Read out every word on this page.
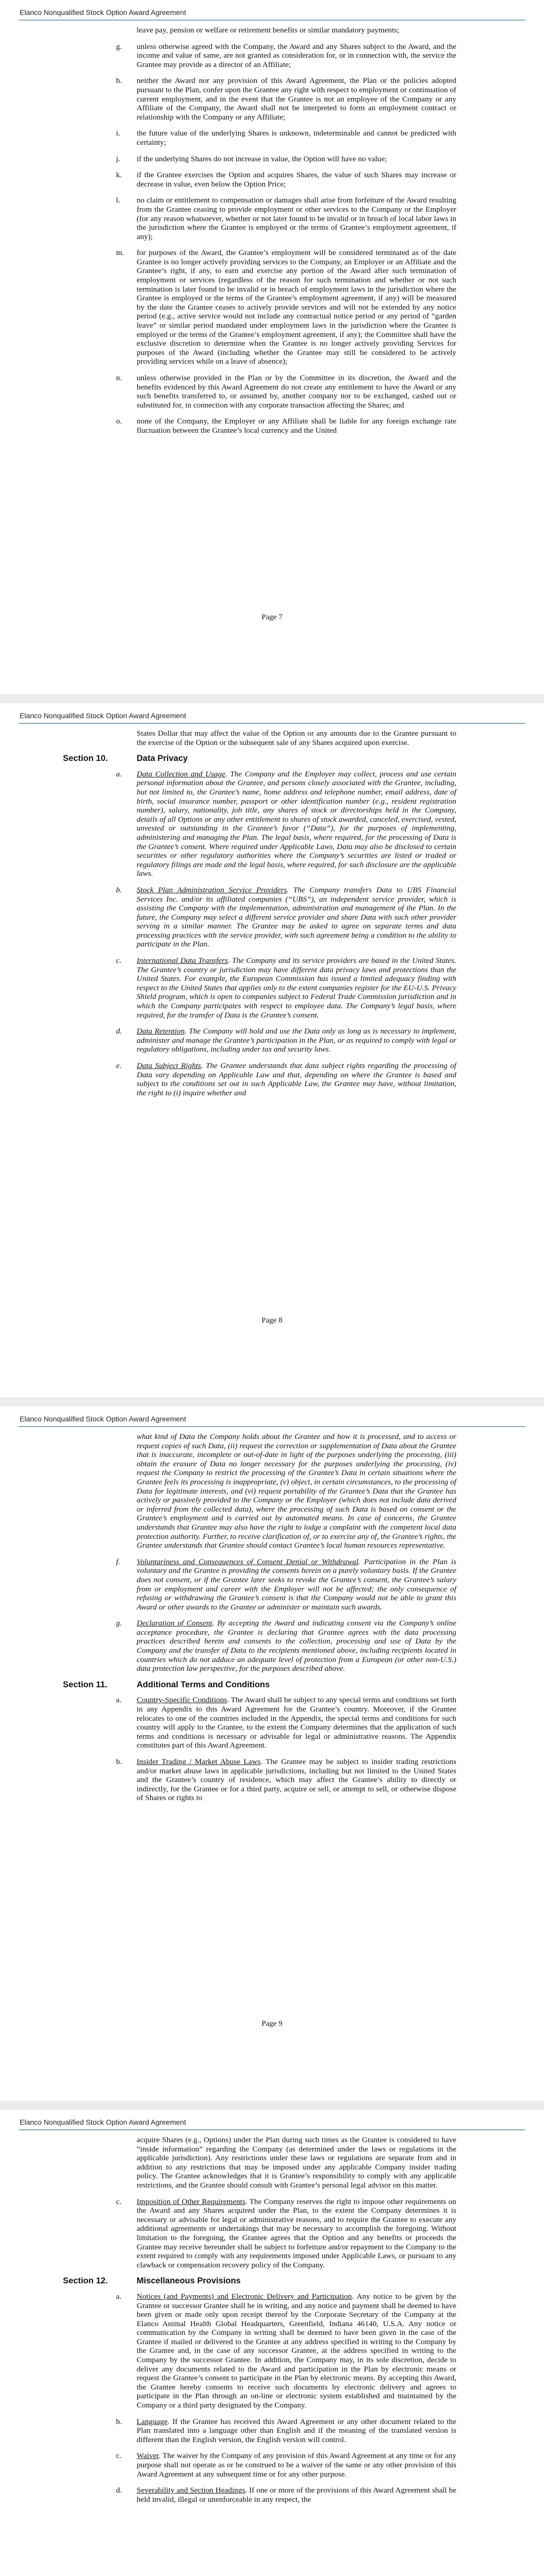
Elanco Nonqualified Stock Option Award Agreement

leave pay, pension or welfare or retirement benefits or similar mandatory payments;

g. unless otherwise agreed with the Company, the Award and any Shares subject to the Award, and the income and value of same, are not granted as consideration for, or in connection with, the service the Grantee may provide as a director of an Affiliate;

h. neither the Award nor any provision of this Award Agreement, the Plan or the policies adopted pursuant to the Plan, confer upon the Grantee any right with respect to employment or continuation of current employment, and in the event that the Grantee is not an employee of the Company or any Affiliate of the Company, the Award shall not be interpreted to form an employment contract or relationship with the Company or any Affiliate;

i. the future value of the underlying Shares is unknown, indeterminable and cannot be predicted with certainty;

j. if the underlying Shares do not increase in value, the Option will have no value;

k. if the Grantee exercises the Option and acquires Shares, the value of such Shares may increase or decrease in value, even below the Option Price;

l. no claim or entitlement to compensation or damages shall arise from forfeiture of the Award resulting from the Grantee ceasing to provide employment or other services to the Company or the Employer (for any reason whatsoever, whether or not later found to be invalid or in breach of local labor laws in the jurisdiction where the Grantee is employed or the terms of Grantee’s employment agreement, if any);

m. for purposes of the Award, the Grantee’s employment will be considered terminated as of the date Grantee is no longer actively providing services to the Company, an Employer or an Affiliate and the Grantee’s right, if any, to earn and exercise any portion of the Award after such termination of employment or services (regardless of the reason for such termination and whether or not such termination is later found to be invalid or in breach of employment laws in the jurisdiction where the Grantee is employed or the terms of the Grantee’s employment agreement, if any) will be measured by the date the Grantee ceases to actively provide services and will not be extended by any notice period (e.g., active service would not include any contractual notice period or any period of “garden leave” or similar period mandated under employment laws in the jurisdiction where the Grantee is employed or the terms of the Grantee’s employment agreement, if any); the Committee shall have the exclusive discretion to determine when the Grantee is no longer actively providing Services for purposes of the Award (including whether the Grantee may still be considered to be actively providing services while on a leave of absence);

n. unless otherwise provided in the Plan or by the Committee in its discretion, the Award and the benefits evidenced by this Award Agreement do not create any entitlement to have the Award or any such benefits transferred to, or assumed by, another company nor to be exchanged, cashed out or substituted for, in connection with any corporate transaction affecting the Shares; and

o. none of the Company, the Employer or any Affiliate shall be liable for any foreign exchange rate fluctuation between the Grantee’s local currency and the United

Page 7
Elanco Nonqualified Stock Option Award Agreement

States Dollar that may affect the value of the Option or any amounts due to the Grantee pursuant to the exercise of the Option or the subsequent sale of any Shares acquired upon exercise.

Section 10.	Data Privacy

a. Data Collection and Usage. The Company and the Employer may collect, process and use certain personal information about the Grantee, and persons closely associated with the Grantee, including, but not limited to, the Grantee’s name, home address and telephone number, email address, date of birth, social insurance number, passport or other identification number (e.g., resident registration number), salary, nationality, job title, any shares of stock or directorships held in the Company, details of all Options or any other entitlement to shares of stock awarded, canceled, exercised, vested, unvested or outstanding in the Grantee’s favor (“Data”), for the purposes of implementing, administering and managing the Plan. The legal basis, where required, for the processing of Data is the Grantee’s consent. Where required under Applicable Laws, Data may also be disclosed to certain securities or other regulatory authorities where the Company’s securities are listed or traded or regulatory filings are made and the legal basis, where required, for such disclosure are the applicable laws.

b. Stock Plan Administration Service Providers. The Company transfers Data to UBS Financial Services Inc. and/or its affiliated companies (“UBS”), an independent service provider, which is assisting the Company with the implementation, administration and management of the Plan. In the future, the Company may select a different service provider and share Data with such other provider serving in a similar manner. The Grantee may be asked to agree on separate terms and data processing practices with the service provider, with such agreement being a condition to the ability to participate in the Plan.

c. International Data Transfers. The Company and its service providers are based in the United States. The Grantee’s country or jurisdiction may have different data privacy laws and protections than the United States. For example, the European Commission has issued a limited adequacy finding with respect to the United States that applies only to the extent companies register for the EU-U.S. Privacy Shield program, which is open to companies subject to Federal Trade Commission jurisdiction and in which the Company participates with respect to employee data. The Company’s legal basis, where required, for the transfer of Data is the Grantee’s consent.

d. Data Retention. The Company will hold and use the Data only as long as is necessary to implement, administer and manage the Grantee’s participation in the Plan, or as required to comply with legal or regulatory obligations, including under tax and security laws.

e. Data Subject Rights. The Grantee understands that data subject rights regarding the processing of Data vary depending on Applicable Law and that, depending on where the Grantee is based and subject to the conditions set out in such Applicable Law, the Grantee may have, without limitation, the right to (i) inquire whether and

Page 8
Elanco Nonqualified Stock Option Award Agreement

what kind of Data the Company holds about the Grantee and how it is processed, and to access or request copies of such Data, (ii) request the correction or supplementation of Data about the Grantee that is inaccurate, incomplete or out-of-date in light of the purposes underlying the processing, (iii) obtain the erasure of Data no longer necessary for the purposes underlying the processing, (iv) request the Company to restrict the processing of the Grantee’s Data in certain situations where the Grantee feels its processing is inappropriate, (v) object, in certain circumstances, to the processing of Data for legitimate interests, and (vi) request portability of the Grantee’s Data that the Grantee has actively or passively provided to the Company or the Employer (which does not include data derived or inferred from the collected data), where the processing of such Data is based on consent or the Grantee’s employment and is carried out by automated means. In case of concerns, the Grantee understands that Grantee may also have the right to lodge a complaint with the competent local data protection authority. Further, to receive clarification of, or to exercise any of, the Grantee’s rights, the Grantee understands that Grantee should contact Grantee’s local human resources representative.

f. Voluntariness and Consequences of Consent Denial or Withdrawal. Participation in the Plan is voluntary and the Grantee is providing the consents herein on a purely voluntary basis. If the Grantee does not consent, or if the Grantee later seeks to revoke the Grantee’s consent, the Grantee’s salary from or employment and career with the Employer will not be affected; the only consequence of refusing or withdrawing the Grantee’s consent is that the Company would not be able to grant this Award or other awards to the Grantee or administer or maintain such awards.

g. Declaration of Consent. By accepting the Award and indicating consent via the Company’s online acceptance procedure, the Grantee is declaring that Grantee agrees with the data processing practices described herein and consents to the collection, processing and use of Data by the Company and the transfer of Data to the recipients mentioned above, including recipients located in countries which do not adduce an adequate level of protection from a European (or other non-U.S.) data protection law perspective, for the purposes described above.

Section 11.	Additional Terms and Conditions

a. Country-Specific Conditions. The Award shall be subject to any special terms and conditions set forth in any Appendix to this Award Agreement for the Grantee’s country. Moreover, if the Grantee relocates to one of the countries included in the Appendix, the special terms and conditions for such country will apply to the Grantee, to the extent the Company determines that the application of such terms and conditions is necessary or advisable for legal or administrative reasons. The Appendix constitutes part of this Award Agreement.

b. Insider Trading / Market Abuse Laws. The Grantee may be subject to insider trading restrictions and/or market abuse laws in applicable jurisdictions, including but not limited to the United States and the Grantee’s country of residence, which may affect the Grantee’s ability to directly or indirectly, for the Grantee or for a third party, acquire or sell, or attempt to sell, or otherwise dispose of Shares or rights to

Page 9
Elanco Nonqualified Stock Option Award Agreement

acquire Shares (e.g., Options) under the Plan during such times as the Grantee is considered to have “inside information” regarding the Company (as determined under the laws or regulations in the applicable jurisdiction). Any restrictions under these laws or regulations are separate from and in addition to any restrictions that may be imposed under any applicable Company insider trading policy. The Grantee acknowledges that it is Grantee’s responsibility to comply with any applicable restrictions, and the Grantee should consult with Grantee’s personal legal advisor on this matter.

c. Imposition of Other Requirements. The Company reserves the right to impose other requirements on the Award and any Shares acquired under the Plan, to the extent the Company determines it is necessary or advisable for legal or administrative reasons, and to require the Grantee to execute any additional agreements or undertakings that may be necessary to accomplish the foregoing. Without limitation to the foregoing, the Grantee agrees that the Option and any benefits or proceeds the Grantee may receive hereunder shall be subject to forfeiture and/or repayment to the Company to the extent required to comply with any requirements imposed under Applicable Laws, or pursuant to any clawback or compensation recovery policy of the Company.

Section 12.	Miscellaneous Provisions

a. Notices (and Payments) and Electronic Delivery and Participation. Any notice to be given by the Grantee or successor Grantee shall be in writing, and any notice and payment shall be deemed to have been given or made only upon receipt thereof by the Corporate Secretary of the Company at the Elanco Animal Health Global Headquarters, Greenfield, Indiana 46140, U.S.A. Any notice or communication by the Company in writing shall be deemed to have been given in the case of the Grantee if mailed or delivered to the Grantee at any address specified in writing to the Company by the Grantee and, in the case of any successor Grantee, at the address specified in writing to the Company by the successor Grantee. In addition, the Company may, in its sole discretion, decide to deliver any documents related to the Award and participation in the Plan by electronic means or request the Grantee’s consent to participate in the Plan by electronic means. By accepting this Award, the Grantee hereby consents to receive such documents by electronic delivery and agrees to participate in the Plan through an on-line or electronic system established and maintained by the Company or a third party designated by the Company.

b. Language. If the Grantee has received this Award Agreement or any other document related to the Plan translated into a language other than English and if the meaning of the translated version is different than the English version, the English version will control.

c. Waiver. The waiver by the Company of any provision of this Award Agreement at any time or for any purpose shall not operate as or be construed to be a waiver of the same or any other provision of this Award Agreement at any subsequent time or for any other purpose.

d. Severability and Section Headings. If one or more of the provisions of this Award Agreement shall be held invalid, illegal or unenforceable in any respect, the
